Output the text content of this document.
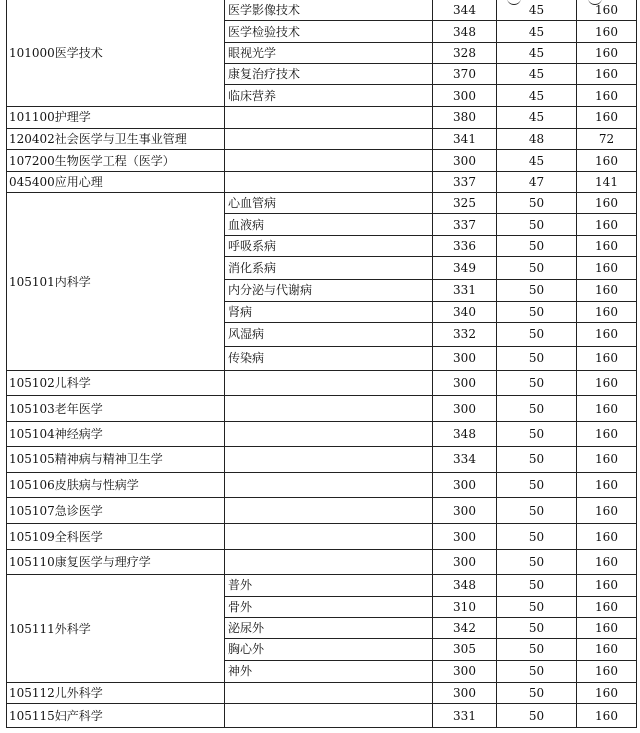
101000医学技术	医学影像技术	344	45	160
	医学检验技术	348	45	160
	眼视光学	328	45	160
	康复治疗技术	370	45	160
	临床营养	300	45	160
101100护理学		380	45	160
120402社会医学与卫生事业管理		341	48	72
107200生物医学工程（医学）		300	45	160
045400应用心理		337	47	141
105101内科学	心血管病	325	50	160
	血液病	337	50	160
	呼吸系病	336	50	160
	消化系病	349	50	160
	内分泌与代谢病	331	50	160
	肾病	340	50	160
	风湿病	332	50	160
	传染病	300	50	160
105102儿科学		300	50	160
105103老年医学		300	50	160
105104神经病学		348	50	160
105105精神病与精神卫生学		334	50	160
105106皮肤病与性病学		300	50	160
105107急诊医学		300	50	160
105109全科医学		300	50	160
105110康复医学与理疗学		300	50	160
105111外科学	普外	348	50	160
	骨外	310	50	160
	泌尿外	342	50	160
	胸心外	305	50	160
	神外	300	50	160
105112儿外科学		300	50	160
105115妇产科学		331	50	160
